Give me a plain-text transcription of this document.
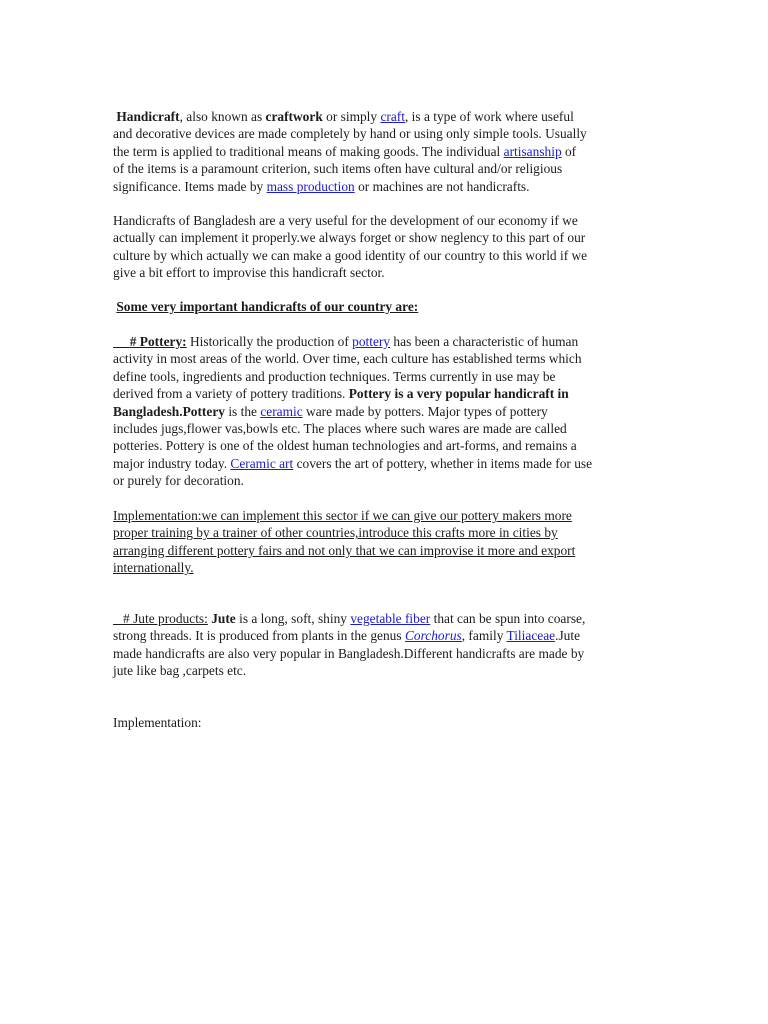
Handicraft, also known as craftwork or simply craft, is a type of work where useful
and decorative devices are made completely by hand or using only simple tools. Usually
the term is applied to traditional means of making goods. The individual artisanship of
of the items is a paramount criterion, such items often have cultural and/or religious
significance. Items made by mass production or machines are not handicrafts.

Handicrafts of Bangladesh are a very useful for the development of our economy if we
actually can implement it properly.we always forget or show neglency to this part of our
culture by which actually we can make a good identity of our country to this world if we
give a bit effort to improvise this handicraft sector.

Some very important handicrafts of our country are:

# Pottery: Historically the production of pottery has been a characteristic of human
activity in most areas of the world. Over time, each culture has established terms which
define tools, ingredients and production techniques. Terms currently in use may be
derived from a variety of pottery traditions. Pottery is a very popular handicraft in
Bangladesh.Pottery is the ceramic ware made by potters. Major types of pottery
includes jugs,flower vas,bowls etc. The places where such wares are made are called
potteries. Pottery is one of the oldest human technologies and art-forms, and remains a
major industry today. Ceramic art covers the art of pottery, whether in items made for use
or purely for decoration.

Implementation:we can implement this sector if we can give our pottery makers more
proper training by a trainer of other countries,introduce this crafts more in cities by
arranging different pottery fairs and not only that we can improvise it more and export
internationally.

# Jute products: Jute is a long, soft, shiny vegetable fiber that can be spun into coarse,
strong threads. It is produced from plants in the genus Corchorus, family Tiliaceae.Jute
made handicrafts are also very popular in Bangladesh.Different handicrafts are made by
jute like bag ,carpets etc.

Implementation:
